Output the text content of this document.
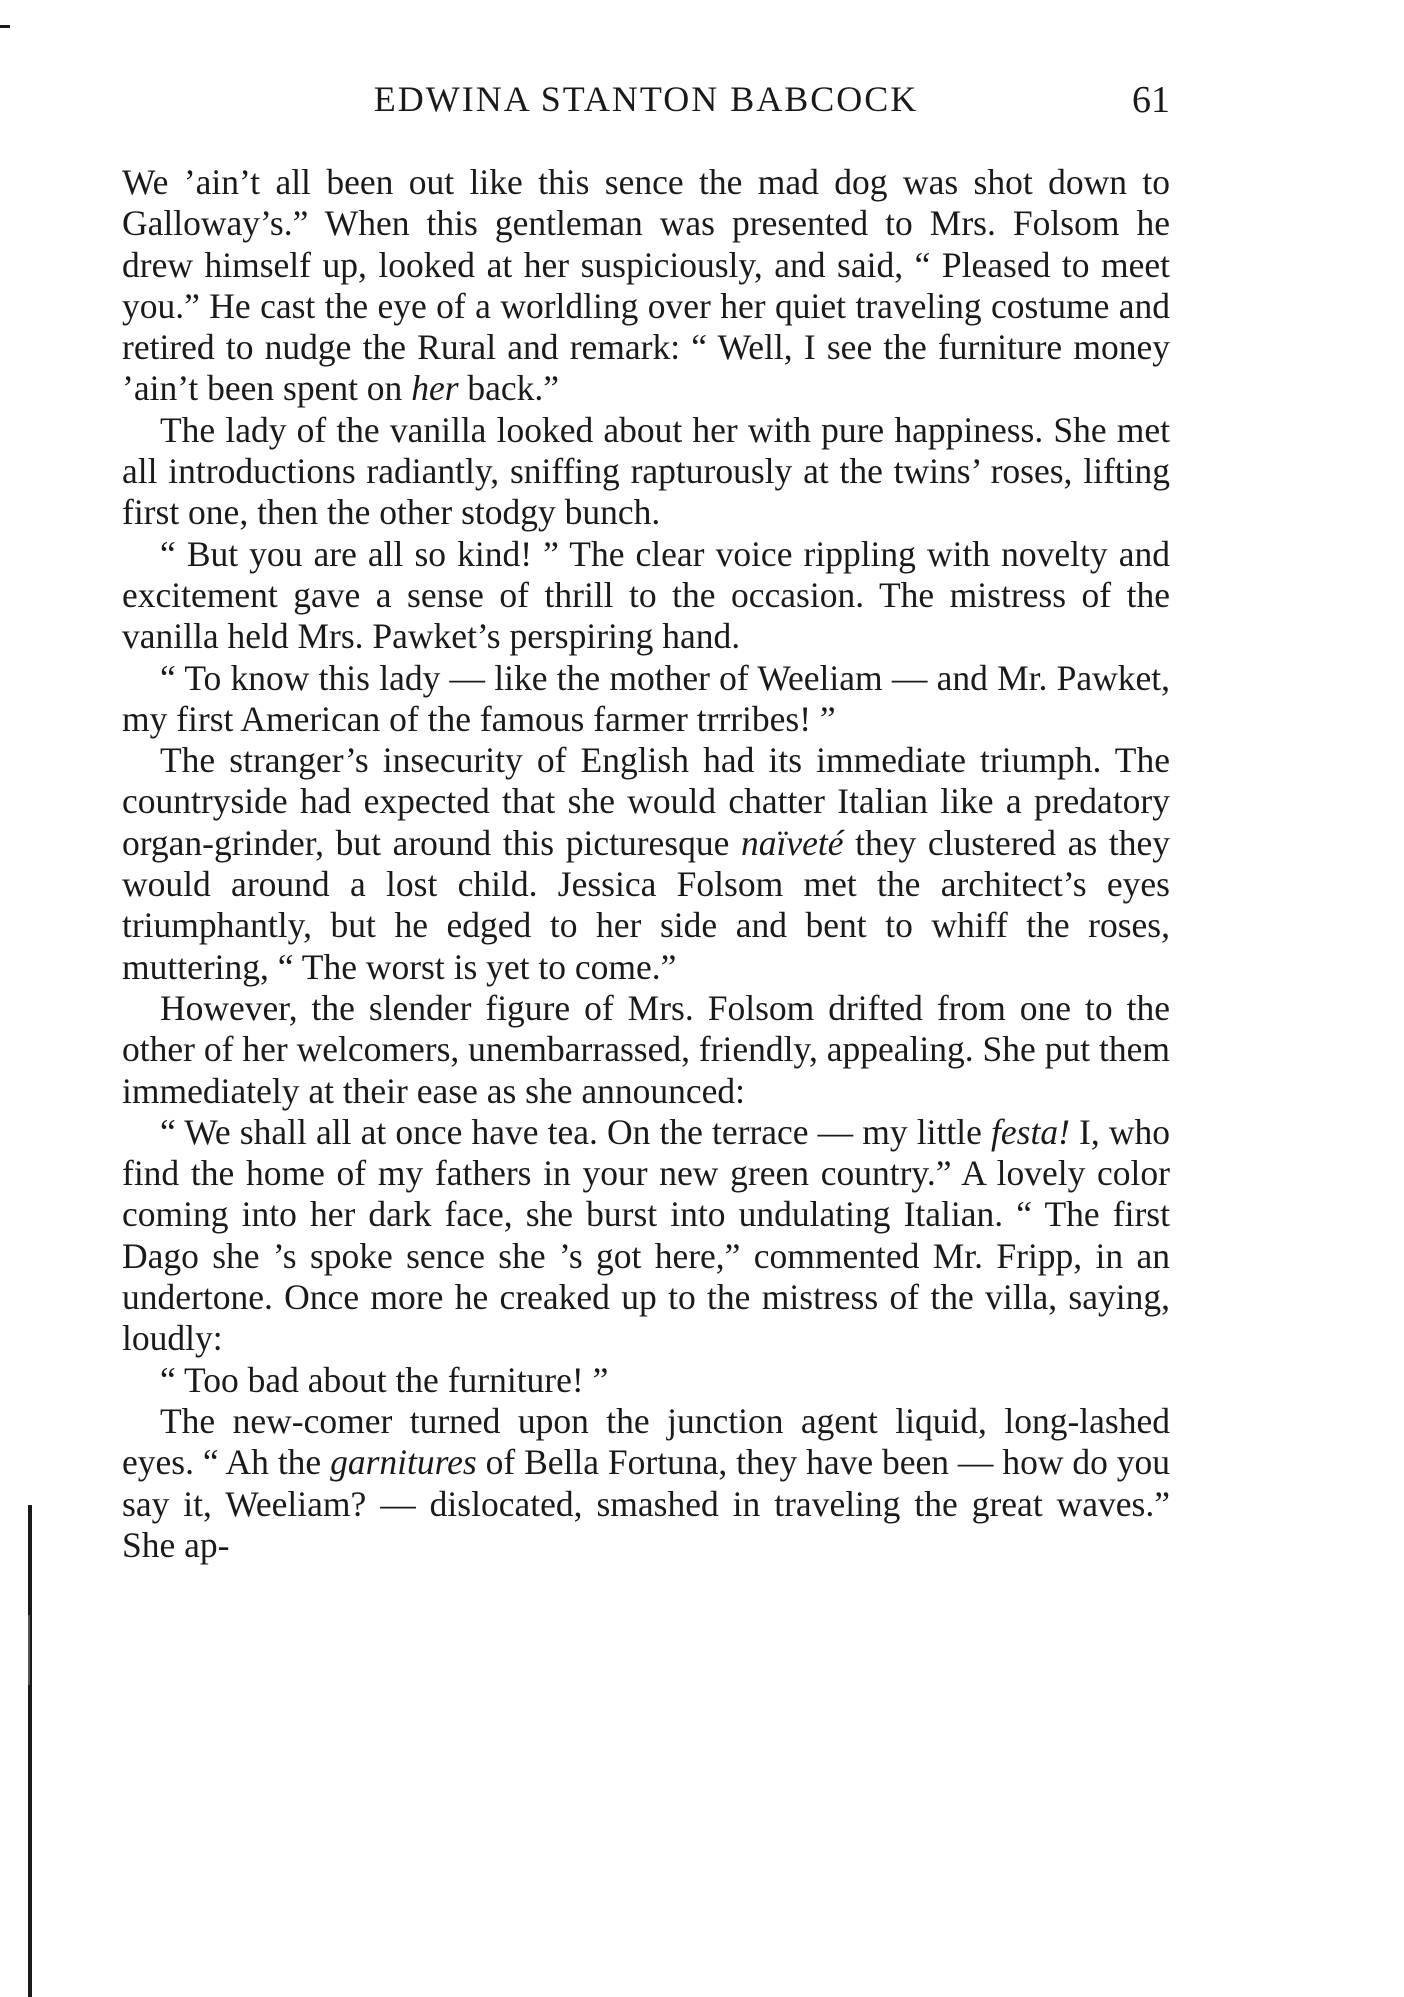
EDWINA STANTON BABCOCK	61

We ’ain’t all been out like this sence the mad dog was shot down to Galloway’s.” When this gentleman was presented to Mrs. Folsom he drew himself up, looked at her suspiciously, and said, “ Pleased to meet you.” He cast the eye of a worldling over her quiet traveling costume and retired to nudge the Rural and remark: “ Well, I see the furniture money ’ain’t been spent on her back.”

The lady of the vanilla looked about her with pure happiness. She met all introductions radiantly, sniffing rapturously at the twins’ roses, lifting first one, then the other stodgy bunch.

“ But you are all so kind! ” The clear voice rippling with novelty and excitement gave a sense of thrill to the occasion. The mistress of the vanilla held Mrs. Pawket’s perspiring hand.

“ To know this lady — like the mother of Weeliam — and Mr. Pawket, my first American of the famous farmer trrribes! ”

The stranger’s insecurity of English had its immediate triumph. The countryside had expected that she would chatter Italian like a predatory organ-grinder, but around this picturesque naïveté they clustered as they would around a lost child. Jessica Folsom met the architect’s eyes triumphantly, but he edged to her side and bent to whiff the roses, muttering, “ The worst is yet to come.”

However, the slender figure of Mrs. Folsom drifted from one to the other of her welcomers, unembarrassed, friendly, appealing. She put them immediately at their ease as she announced:

“ We shall all at once have tea. On the terrace — my little festa! I, who find the home of my fathers in your new green country.” A lovely color coming into her dark face, she burst into undulating Italian. “ The first Dago she ’s spoke sence she ’s got here,” commented Mr. Fripp, in an undertone. Once more he creaked up to the mistress of the villa, saying, loudly:

“ Too bad about the furniture! ”

The new-comer turned upon the junction agent liquid, long-lashed eyes. “ Ah the garnitures of Bella Fortuna, they have been — how do you say it, Weeliam? — dislocated, smashed in traveling the great waves.” She ap-
